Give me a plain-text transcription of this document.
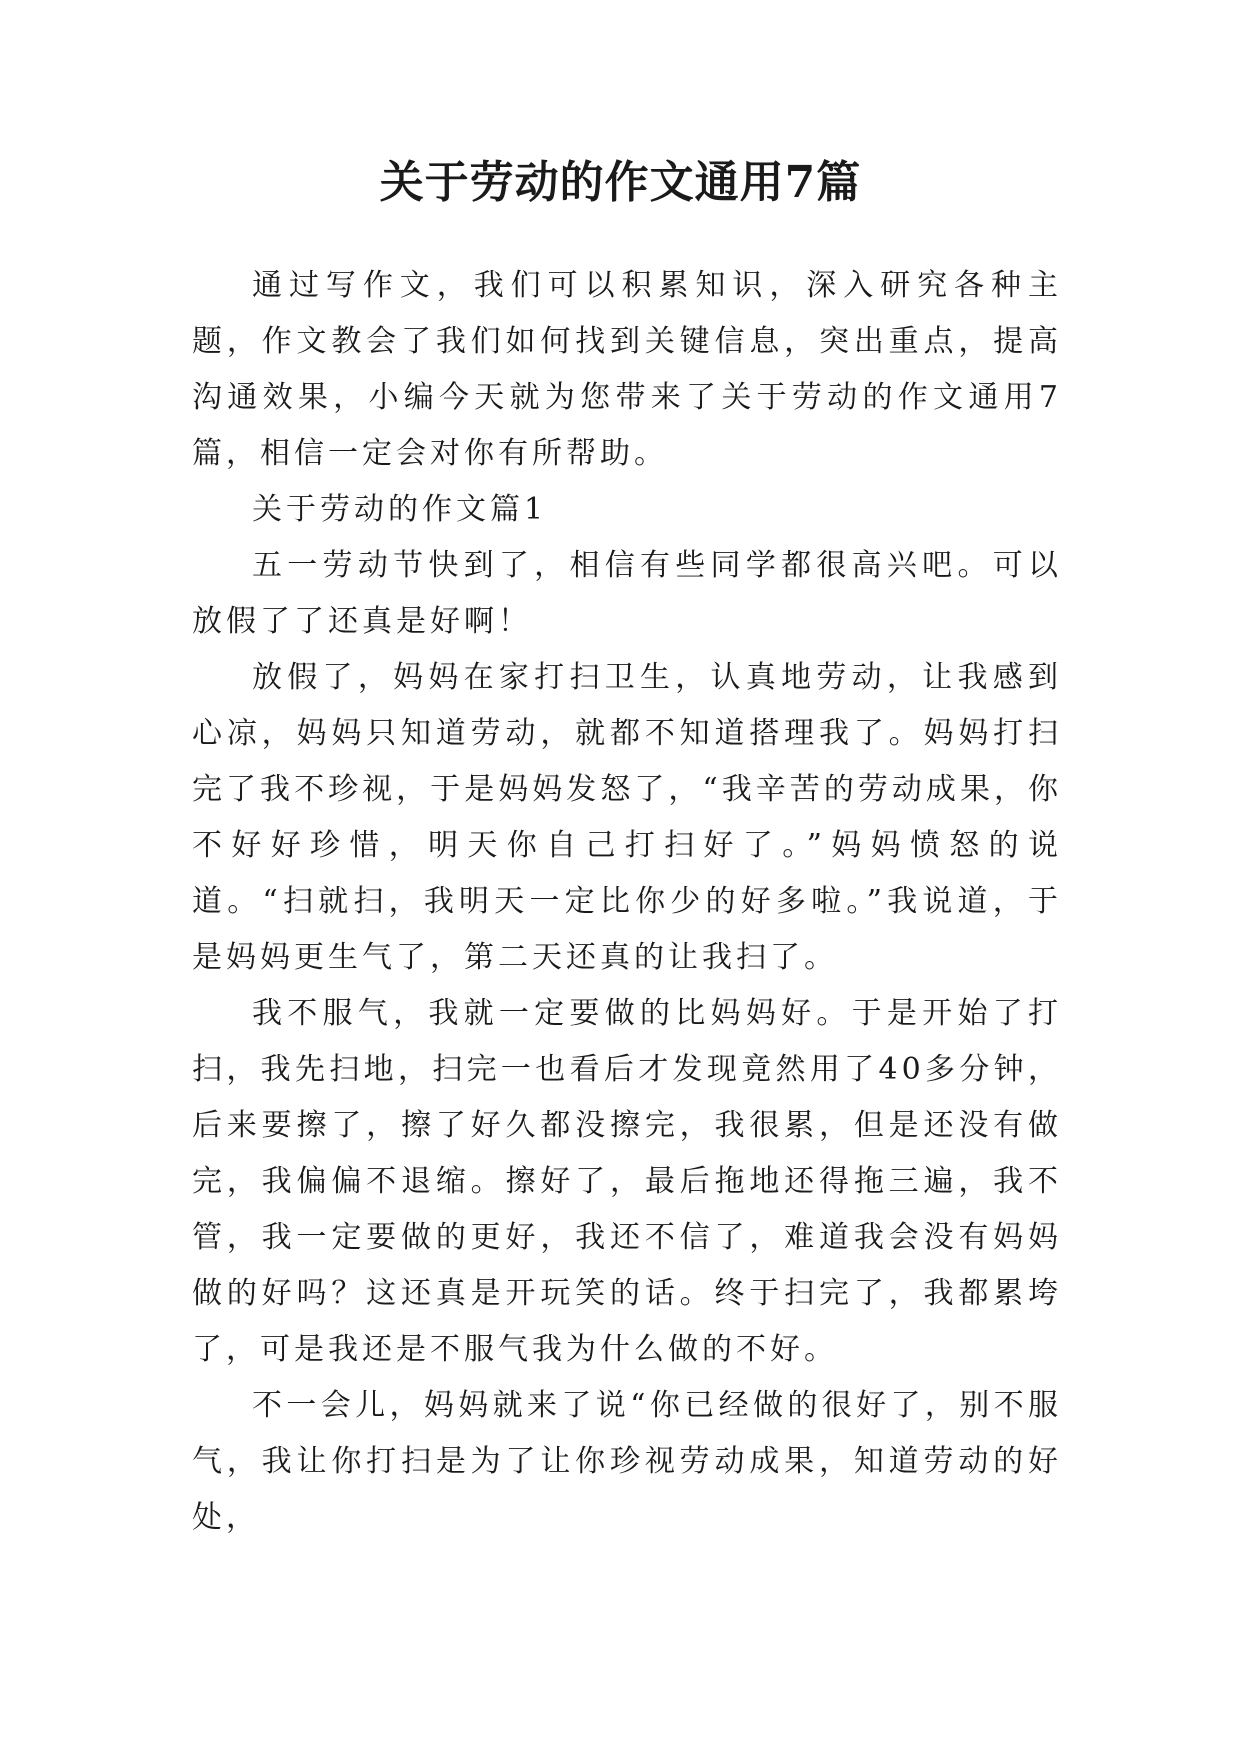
关于劳动的作文通用7篇

通过写作文，我们可以积累知识，深入研究各种主题，作文教会了我们如何找到关键信息，突出重点，提高沟通效果，小编今天就为您带来了关于劳动的作文通用7篇，相信一定会对你有所帮助。

关于劳动的作文篇1

五一劳动节快到了，相信有些同学都很高兴吧。可以放假了了还真是好啊！

放假了，妈妈在家打扫卫生，认真地劳动，让我感到心凉，妈妈只知道劳动，就都不知道搭理我了。妈妈打扫完了我不珍视，于是妈妈发怒了，“我辛苦的劳动成果，你不好好珍惜，明天你自己打扫好了。”妈妈愤怒的说道。“扫就扫，我明天一定比你少的好多啦。”我说道，于是妈妈更生气了，第二天还真的让我扫了。

我不服气，我就一定要做的比妈妈好。于是开始了打扫，我先扫地，扫完一也看后才发现竟然用了40多分钟，后来要擦了，擦了好久都没擦完，我很累，但是还没有做完，我偏偏不退缩。擦好了，最后拖地还得拖三遍，我不管，我一定要做的更好，我还不信了，难道我会没有妈妈做的好吗？这还真是开玩笑的话。终于扫完了，我都累垮了，可是我还是不服气我为什么做的不好。

不一会儿，妈妈就来了说“你已经做的很好了，别不服气，我让你打扫是为了让你珍视劳动成果，知道劳动的好处，
